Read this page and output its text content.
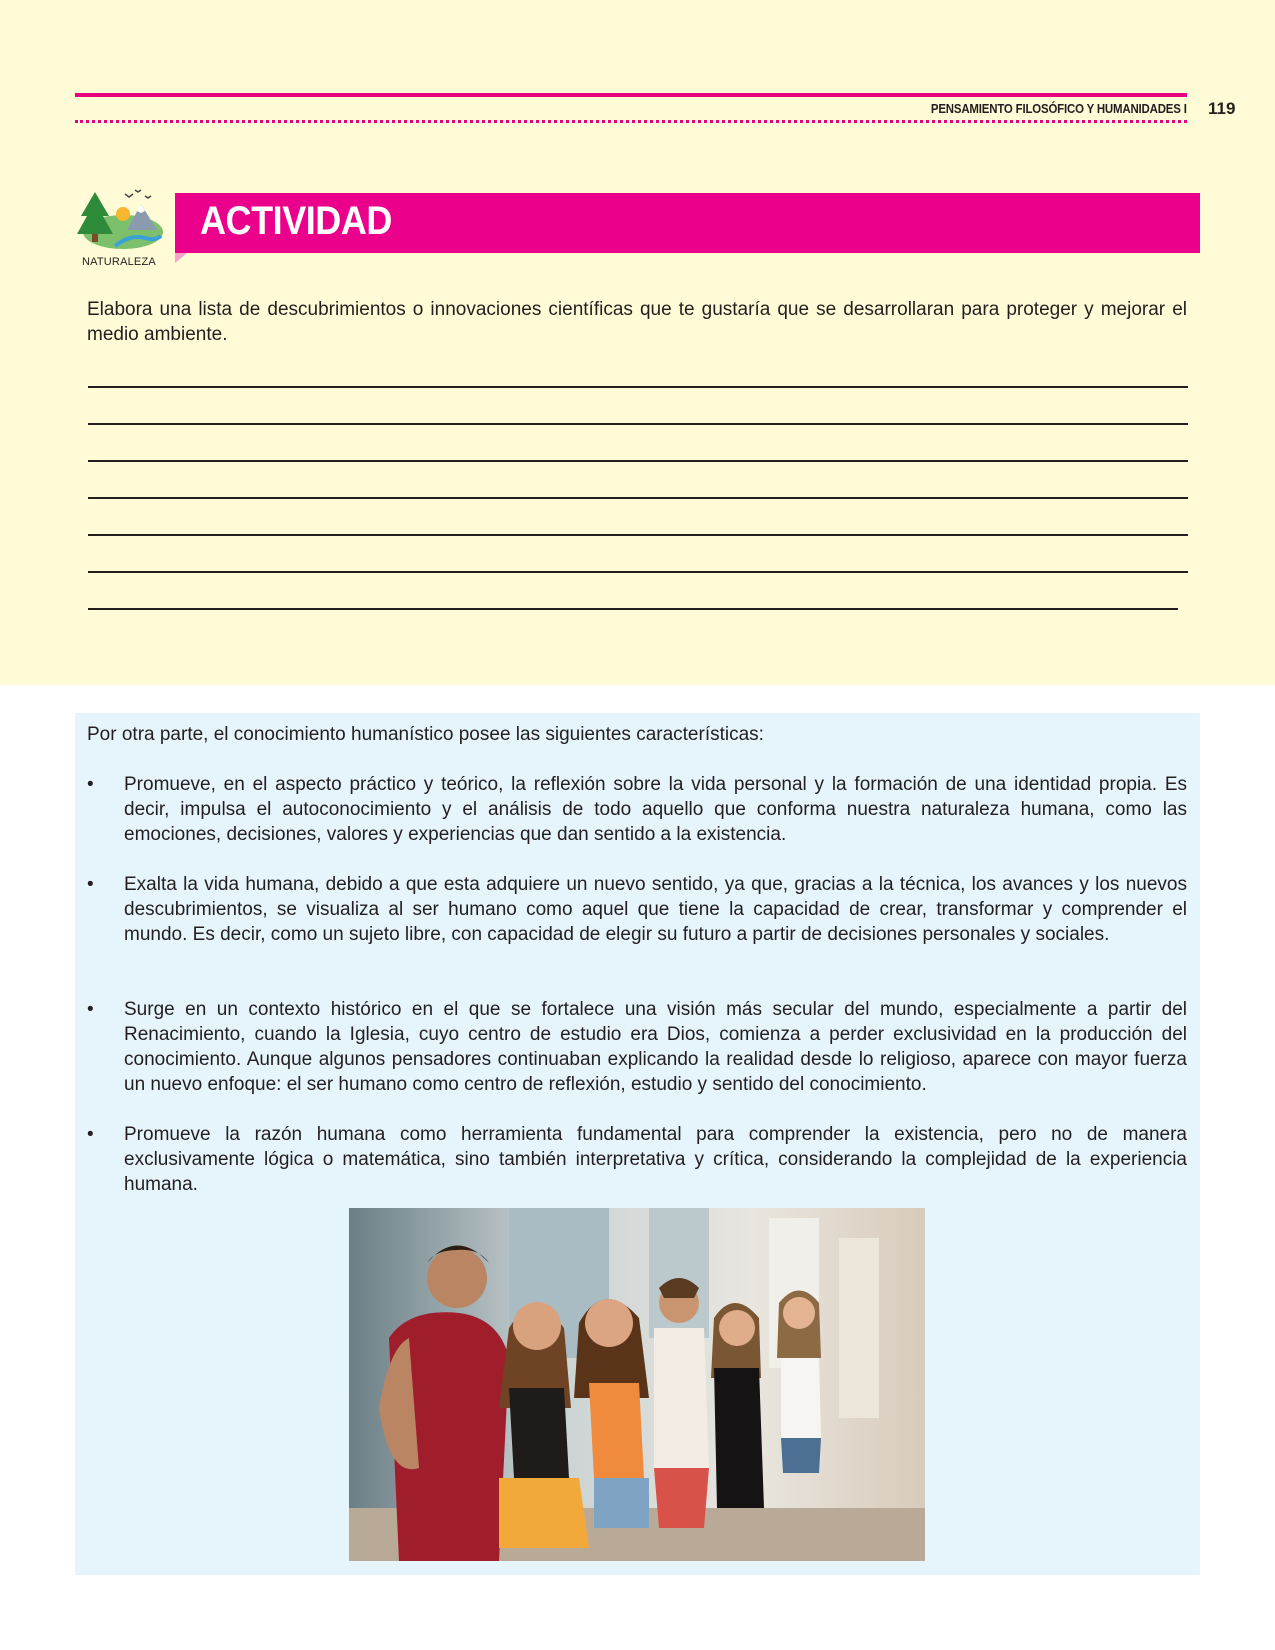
PENSAMIENTO FILOSÓFICO Y HUMANIDADES I 119
NATURALEZA
ACTIVIDAD
Elabora una lista de descubrimientos o innovaciones científicas que te gustaría que se desarrollaran para proteger y mejorar el medio ambiente.
Por otra parte, el conocimiento humanístico posee las siguientes características:
• Promueve, en el aspecto práctico y teórico, la reflexión sobre la vida personal y la formación de una identidad propia. Es decir, impulsa el autoconocimiento y el análisis de todo aquello que conforma nuestra naturaleza humana, como las emociones, decisiones, valores y experiencias que dan sentido a la existencia.
• Exalta la vida humana, debido a que esta adquiere un nuevo sentido, ya que, gracias a la técnica, los avances y los nuevos descubrimientos, se visualiza al ser humano como aquel que tiene la capacidad de crear, transformar y comprender el mundo. Es decir, como un sujeto libre, con capacidad de elegir su futuro a partir de decisiones personales y sociales.
• Surge en un contexto histórico en el que se fortalece una visión más secular del mundo, especialmente a partir del Renacimiento, cuando la Iglesia, cuyo centro de estudio era Dios, comienza a perder exclusividad en la producción del conocimiento. Aunque algunos pensadores continuaban explicando la realidad desde lo religioso, aparece con mayor fuerza un nuevo enfoque: el ser humano como centro de reflexión, estudio y sentido del conocimiento.
• Promueve la razón humana como herramienta fundamental para comprender la existencia, pero no de manera exclusivamente lógica o matemática, sino también interpretativa y crítica, considerando la complejidad de la experiencia humana.
